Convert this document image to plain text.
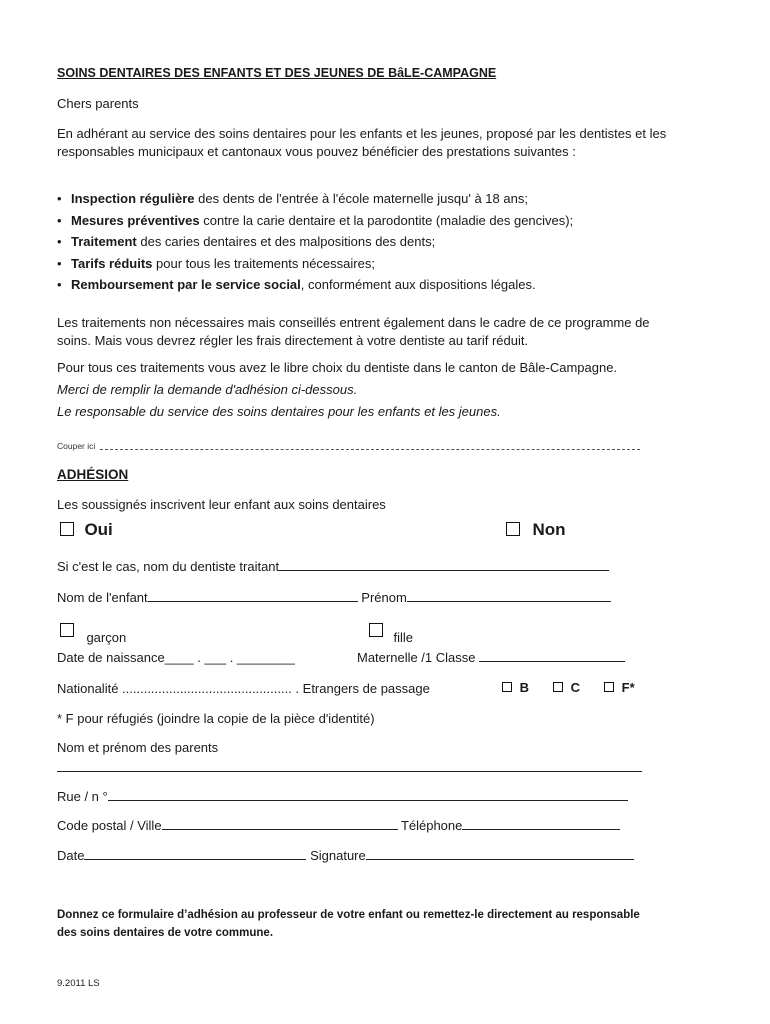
SOINS DENTAIRES DES ENFANTS ET DES JEUNES DE BâLE-CAMPAGNE
Chers parents
En adhérant au service des soins dentaires pour les enfants et les jeunes, proposé par les dentistes et les responsables municipaux et cantonaux vous pouvez bénéficier des prestations suivantes :
• Inspection régulière des dents de l'entrée à l'école maternelle jusqu' à 18 ans;
• Mesures préventives contre la carie dentaire et la parodontite (maladie des gencives);
• Traitement des caries dentaires et des malpositions des dents;
• Tarifs réduits pour tous les traitements nécessaires;
• Remboursement par le service social, conformément aux dispositions légales.
Les traitements non nécessaires mais conseillés entrent également dans le cadre de ce programme de soins. Mais vous devrez régler les frais directement à votre dentiste au tarif réduit.
Pour tous ces traitements vous avez le libre choix du dentiste dans le canton de Bâle-Campagne.
Merci de remplir la demande d'adhésion ci-dessous.
Le responsable du service des soins dentaires pour les enfants et les jeunes.
Couper ici
ADHÉSION
Les soussignés inscrivent leur enfant aux soins dentaires
Oui	Non
Si c'est le cas, nom du dentiste traitant
Nom de l'enfant	Prénom
$_{garçon}$	$_{fille}$
Date de naissance____ . ___ . ________	Maternelle /1 Classe
Nationalité ............................................... . Etrangers de passage	B	C	F*
* F pour réfugiés (joindre la copie de la pièce d'identité)
Nom et prénom des parents
Rue / n °
Code postal / Ville	Téléphone
Date	Signature
Donnez ce formulaire d’adhésion au professeur de votre enfant ou remettez-le directement au responsable des soins dentaires de votre commune.
9.2011 LS
